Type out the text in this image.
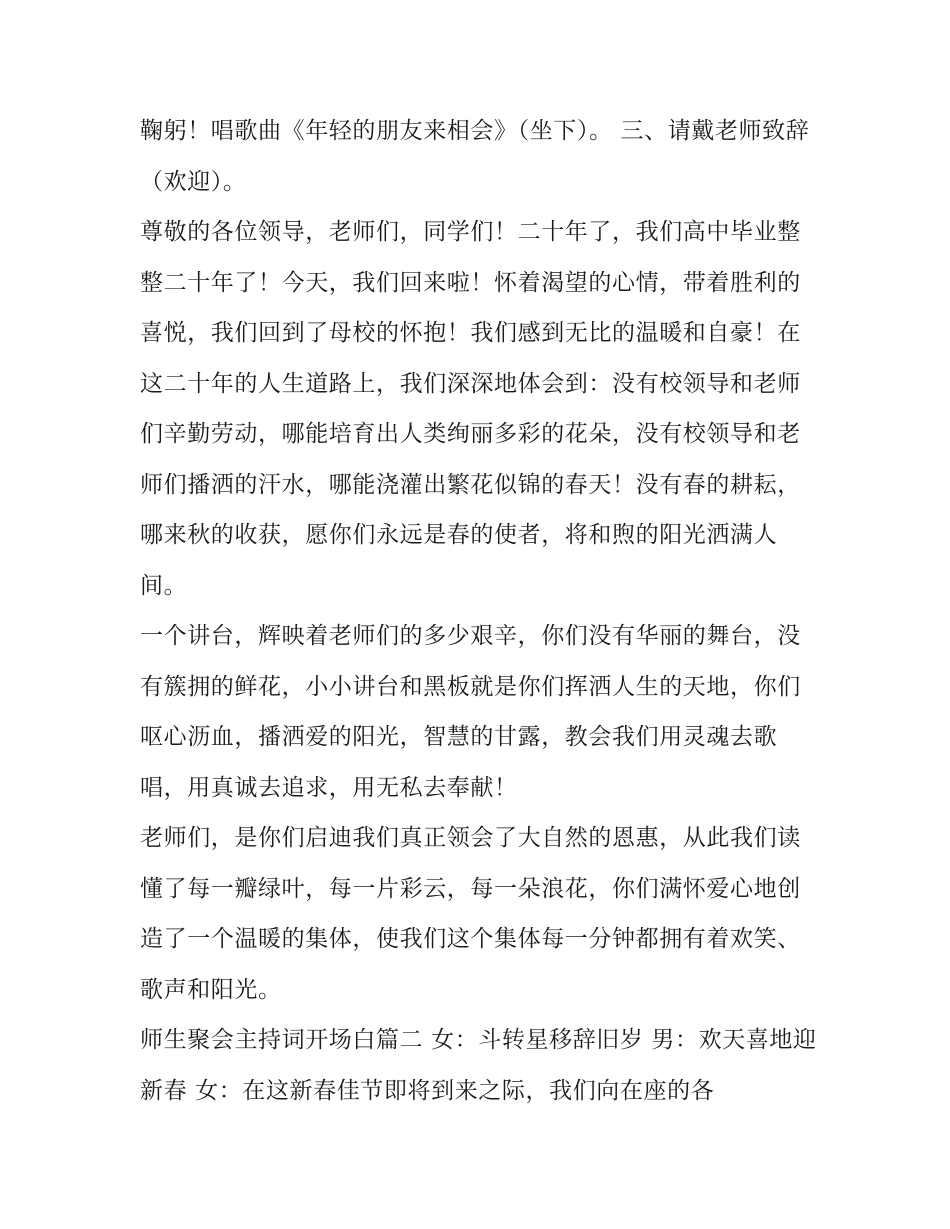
鞠躬！唱歌曲《年轻的朋友来相会》（坐下）。 三、请戴老师致辞（欢迎）。

尊敬的各位领导，老师们，同学们！二十年了，我们高中毕业整整二十年了！今天，我们回来啦！怀着渴望的心情，带着胜利的喜悦，我们回到了母校的怀抱！我们感到无比的温暖和自豪！在这二十年的人生道路上，我们深深地体会到：没有校领导和老师们辛勤劳动，哪能培育出人类绚丽多彩的花朵，没有校领导和老师们播洒的汗水，哪能浇灌出繁花似锦的春天！没有春的耕耘，哪来秋的收获，愿你们永远是春的使者，将和煦的阳光洒满人间。

一个讲台，辉映着老师们的多少艰辛，你们没有华丽的舞台，没有簇拥的鲜花，小小讲台和黑板就是你们挥洒人生的天地，你们呕心沥血，播洒爱的阳光，智慧的甘露，教会我们用灵魂去歌唱，用真诚去追求，用无私去奉献！

老师们，是你们启迪我们真正领会了大自然的恩惠，从此我们读懂了每一瓣绿叶，每一片彩云，每一朵浪花，你们满怀爱心地创造了一个温暖的集体，使我们这个集体每一分钟都拥有着欢笑、歌声和阳光。

师生聚会主持词开场白篇二 女：斗转星移辞旧岁 男：欢天喜地迎新春 女：在这新春佳节即将到来之际，我们向在座的各
